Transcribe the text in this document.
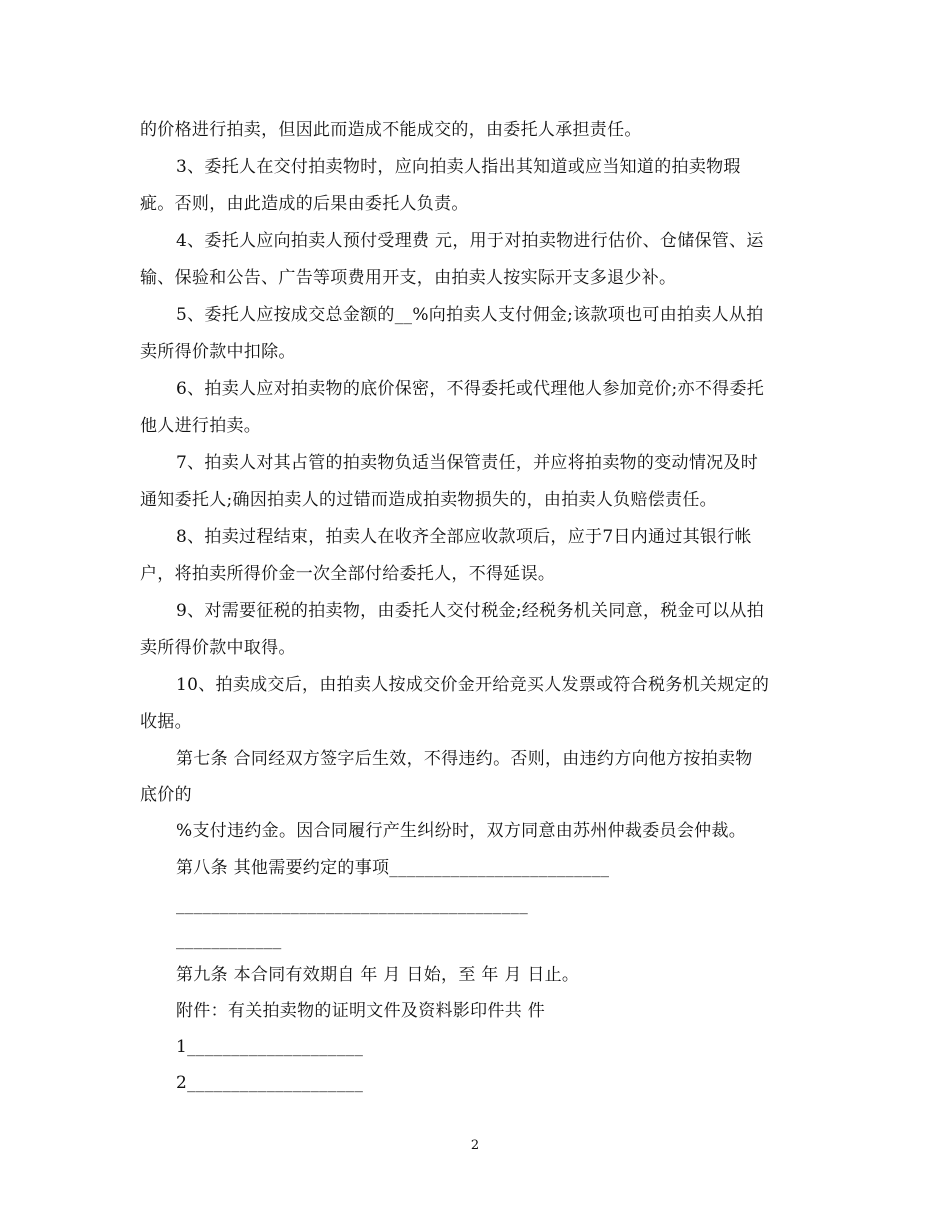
的价格进行拍卖，但因此而造成不能成交的，由委托人承担责任。
3、委托人在交付拍卖物时，应向拍卖人指出其知道或应当知道的拍卖物瑕
疵。否则，由此造成的后果由委托人负责。
4、委托人应向拍卖人预付受理费 元，用于对拍卖物进行估价、仓储保管、运
输、保验和公告、广告等项费用开支，由拍卖人按实际开支多退少补。
5、委托人应按成交总金额的__%向拍卖人支付佣金;该款项也可由拍卖人从拍
卖所得价款中扣除。
6、拍卖人应对拍卖物的底价保密，不得委托或代理他人参加竞价;亦不得委托
他人进行拍卖。
7、拍卖人对其占管的拍卖物负适当保管责任，并应将拍卖物的变动情况及时
通知委托人;确因拍卖人的过错而造成拍卖物损失的，由拍卖人负赔偿责任。
8、拍卖过程结束，拍卖人在收齐全部应收款项后，应于7日内通过其银行帐
户，将拍卖所得价金一次全部付给委托人，不得延误。
9、对需要征税的拍卖物，由委托人交付税金;经税务机关同意，税金可以从拍
卖所得价款中取得。
10、拍卖成交后，由拍卖人按成交价金开给竞买人发票或符合税务机关规定的
收据。
第七条 合同经双方签字后生效，不得违约。否则，由违约方向他方按拍卖物
底价的
%支付违约金。因合同履行产生纠纷时，双方同意由苏州仲裁委员会仲裁。
第八条 其他需要约定的事项_________________________
________________________________________
____________
第九条 本合同有效期自 年 月 日始，至 年 月 日止。
附件：有关拍卖物的证明文件及资料影印件共 件
1____________________
2____________________
2
